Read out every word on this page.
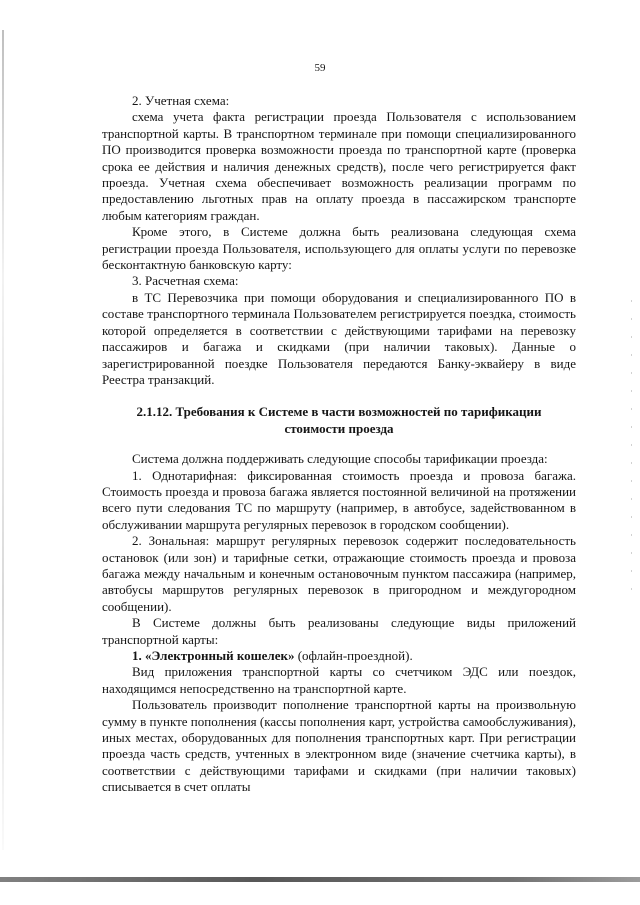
59

2. Учетная схема:

схема учета факта регистрации проезда Пользователя с использованием транспортной карты. В транспортном терминале при помощи специализированного ПО производится проверка возможности проезда по транспортной карте (проверка срока ее действия и наличия денежных средств), после чего регистрируется факт проезда. Учетная схема обеспечивает возможность реализации программ по предоставлению льготных прав на оплату проезда в пассажирском транспорте любым категориям граждан.

Кроме этого, в Системе должна быть реализована следующая схема регистрации проезда Пользователя, использующего для оплаты услуги по перевозке бесконтактную банковскую карту:

3. Расчетная схема:

в ТС Перевозчика при помощи оборудования и специализированного ПО в составе транспортного терминала Пользователем регистрируется поездка, стоимость которой определяется в соответствии с действующими тарифами на перевозку пассажиров и багажа и скидками (при наличии таковых). Данные о зарегистрированной поездке Пользователя передаются Банку-эквайеру в виде Реестра транзакций.

2.1.12. Требования к Системе в части возможностей по тарификации
стоимости проезда

Система должна поддерживать следующие способы тарификации проезда:

1. Однотарифная: фиксированная стоимость проезда и провоза багажа. Стоимость проезда и провоза багажа является постоянной величиной на протяжении всего пути следования ТС по маршруту (например, в автобусе, задействованном в обслуживании маршрута регулярных перевозок в городском сообщении).

2. Зональная: маршрут регулярных перевозок содержит последовательность остановок (или зон) и тарифные сетки, отражающие стоимость проезда и провоза багажа между начальным и конечным остановочным пунктом пассажира (например, автобусы маршрутов регулярных перевозок в пригородном и междугородном сообщении).

В Системе должны быть реализованы следующие виды приложений транспортной карты:

1. «Электронный кошелек» (офлайн-проездной).

Вид приложения транспортной карты со счетчиком ЭДС или поездок, находящимся непосредственно на транспортной карте.

Пользователь производит пополнение транспортной карты на произвольную сумму в пункте пополнения (кассы пополнения карт, устройства самообслуживания), иных местах, оборудованных для пополнения транспортных карт. При регистрации проезда часть средств, учтенных в электронном виде (значение счетчика карты), в соответствии с действующими тарифами и скидками (при наличии таковых) списывается в счет оплаты
